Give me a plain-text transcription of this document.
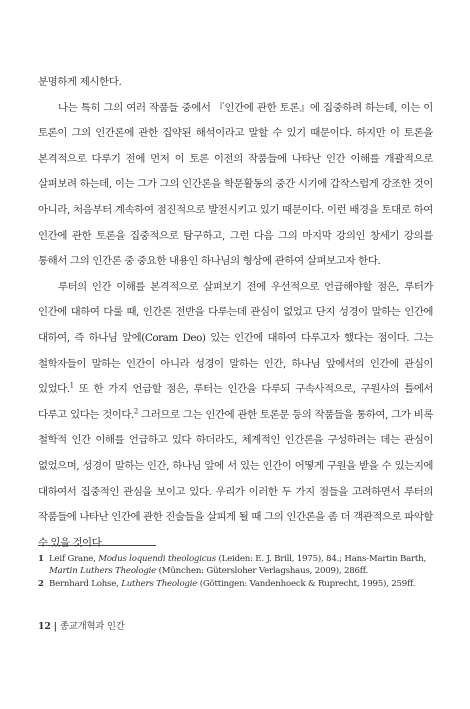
분명하게 제시한다.

나는 특히 그의 여러 작품들 중에서 『인간에 관한 토론』에 집중하려 하는데, 이는 이 토론이 그의 인간론에 관한 집약된 해석이라고 말할 수 있기 때문이다. 하지만 이 토론을 본격적으로 다루기 전에 먼저 이 토론 이전의 작품들에 나타난 인간 이해를 개괄적으로 살펴보려 하는데, 이는 그가 그의 인간론을 학문활동의 중간 시기에 갑작스럽게 강조한 것이 아니라, 처음부터 계속하여 점진적으로 발전시키고 있기 때문이다. 이런 배경을 토대로 하여 인간에 관한 토론을 집중적으로 탐구하고, 그런 다음 그의 마지막 강의인 창세기 강의를 통해서 그의 인간론 중 중요한 내용인 하나님의 형상에 관하여 살펴보고자 한다.

루터의 인간 이해를 본격적으로 살펴보기 전에 우선적으로 언급해야할 점은, 루터가 인간에 대하여 다룰 때, 인간론 전반을 다루는데 관심이 없었고 단지 성경이 말하는 인간에 대하여, 즉 하나님 앞에(Coram Deo) 있는 인간에 대하여 다루고자 했다는 점이다. 그는 철학자들이 말하는 인간이 아니라 성경이 말하는 인간, 하나님 앞에서의 인간에 관심이 있었다.$^1$ 또 한 가지 언급할 점은, 루터는 인간을 다루되 구속사적으로, 구원사의 틀에서 다루고 있다는 것이다.$^2$ 그러므로 그는 인간에 관한 토론문 등의 작품들을 통하여, 그가 비록 철학적 인간 이해를 언급하고 있다 하더라도, 체계적인 인간론을 구성하려는 데는 관심이 없었으며, 성경이 말하는 인간, 하나님 앞에 서 있는 인간이 어떻게 구원을 받을 수 있는지에 대하여서 집중적인 관심을 보이고 있다. 우리가 이러한 두 가지 점들을 고려하면서 루터의 작품들에 나타난 인간에 관한 진술들을 살피게 될 때 그의 인간론을 좀 더 객관적으로 파악할 수 있을 것이다.

1 Leif Grane, Modus loquendi theologicus (Leiden: E. J. Brill, 1975), 84.; Hans-Martin Barth, Martin Luthers Theologie (München: Gütersloher Verlagshaus, 2009), 286ff.
2 Bernhard Lohse, Luthers Theologie (Göttingen: Vandenhoeck & Ruprecht, 1995), 259ff.
12 | 종교개혁과 인간
